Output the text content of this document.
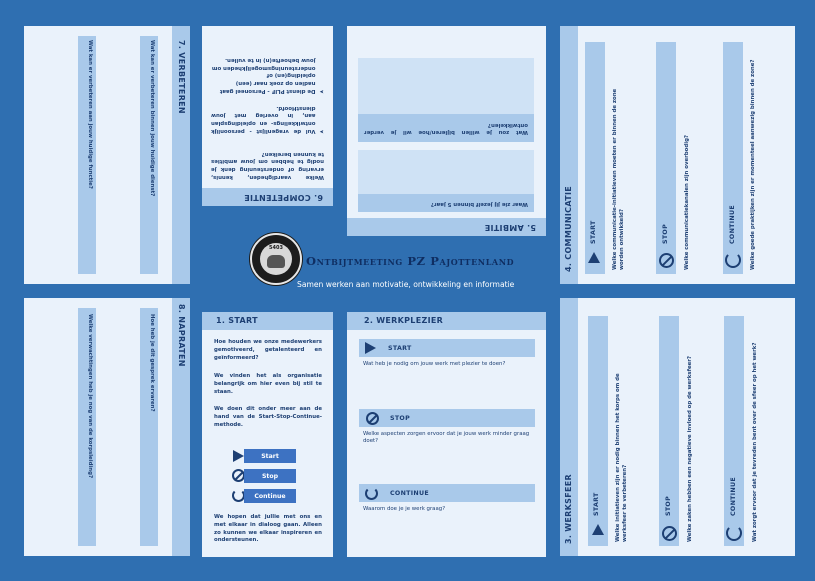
7. VERBETEREN
Wat kan er verbeteren binnen jouw huidige dienst?
Wat kan er verbeteren aan jouw huidige functie?
6. COMPETENTIE
Welke vaardigheden, kennis, ervaring of ondersteuning denk je nodig te hebben om jouw ambities te kunnen bereiken?
➤
Vul de vragenlijst - persoonlijk ontwikkelings- en opleidingsplan aan, in overleg met jouw dienstHoofd.
➤
De dienst PLIF - Personeel gaat nadien op zoek naar (een) opleiding(en) of ondersteuningsmogelijkheden om jouw behoefte(n) in te vullen.
5. AMBITIE
Waar zie jij jezelf binnen 5 jaar?
Wat zou je willen bijleren/hoe wil je verder ontwikkelen?
4. COMMUNICATIE	START	Welke communicatie-initiatieven moeten er binnen de zone worden ontwikkeld?	STOP	Welke communicatiekanalen zijn overbodig?	CONTINUE	Welke goede praktijken zijn er momenteel aanwezig binnen de zone?
5403
Ontbijtmeeting PZ Pajottenland
Samen werken aan motivatie, ontwikkeling en informatie
8. NAPRATEN
Hoe heb je dit gesprek ervaren?
Welke verwachtingen heb je nog van de korpsleiding?	1. START
Hoe houden we onze medewerkers gemotiveerd, getalenteerd en geïnformeerd?
We vinden het als organisatie belangrijk om hier even bij stil te staan.
We doen dit onder meer aan de hand van de Start-Stop-Continue-methode.
Start
Stop
Continue
We hopen dat jullie met ons en met elkaar in dialoog gaan. Alleen zo kunnen we elkaar inspireren en ondersteunen.
2. WERKPLEZIER
START
Wat heb je nodig om jouw werk met plezier te doen?
STOP
Welke aspecten zorgen ervoor dat je jouw werk minder graag doet?
CONTINUE
Waarom doe je je werk graag?	3. WERKSFEER	START	Welke initiatieven zijn er nodig binnen het korps om de werksfeer te verbeteren?	STOP	Welke zaken hebben een negatieve invloed op de werksfeer?	CONTINUE	Wat zorgt ervoor dat je tevreden bent over de sfeer op het werk?
